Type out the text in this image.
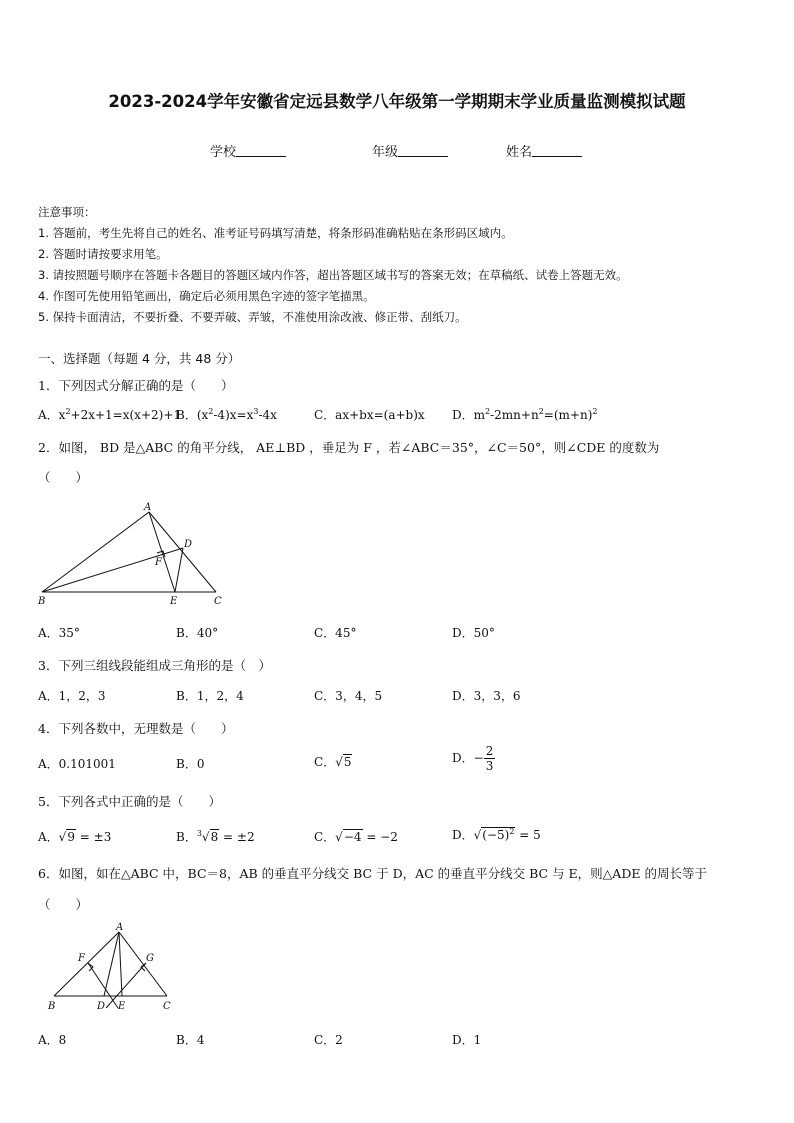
2023-2024学年安徽省定远县数学八年级第一学期期末学业质量监测模拟试题
学校	年级	姓名
注意事项：
1. 答题前，考生先将自己的姓名、准考证号码填写清楚，将条形码准确粘贴在条形码区域内。
2. 答题时请按要求用笔。
3. 请按照题号顺序在答题卡各题目的答题区域内作答，超出答题区域书写的答案无效；在草稿纸、试卷上答题无效。
4. 作图可先使用铅笔画出，确定后必须用黑色字迹的签字笔描黑。
5. 保持卡面清洁，不要折叠、不要弄破、弄皱，不准使用涂改液、修正带、刮纸刀。
一、选择题（每题 4 分，共 48 分）
1．下列因式分解正确的是（　　）
A．$x^2+2x+1=x(x+2)+1$
B．$(x^2-4)x=x^3-4x$	C．ax+bx=(a+b)x D．$m^2-2mn+n^2=(m+n)^2$
2．如图， BD 是△ABC 的角平分线， AE⊥BD ，垂足为 F ，若∠ABC＝35°，∠C＝50°，则∠CDE 的度数为
（　　）
A
D
F
B	E	C
A．35°	B．40°	C．45°	D．50°
3．下列三组线段能组成三角形的是（　）
A．1，2，3	B．1，2，4	C．3，4，5	D．3，3，6
4．下列各数中，无理数是（　　）
A．0.101001	B．0	C．√5	D．− $\frac{2}{3}$
5．下列各式中正确的是（　　）
A．√9 = ±3	B．$^3$√8 = ±2	C．√−4 = −2	D．$√(-5)^2 = 5$
6．如图，如在△ABC 中，BC＝8，AB 的垂直平分线交 BC 于 D，AC 的垂直平分线交 BC 与 E，则△ADE 的周长等于
（　　）
A
F	G
B	D E	C
A．8	B．4	C．2	D．1
